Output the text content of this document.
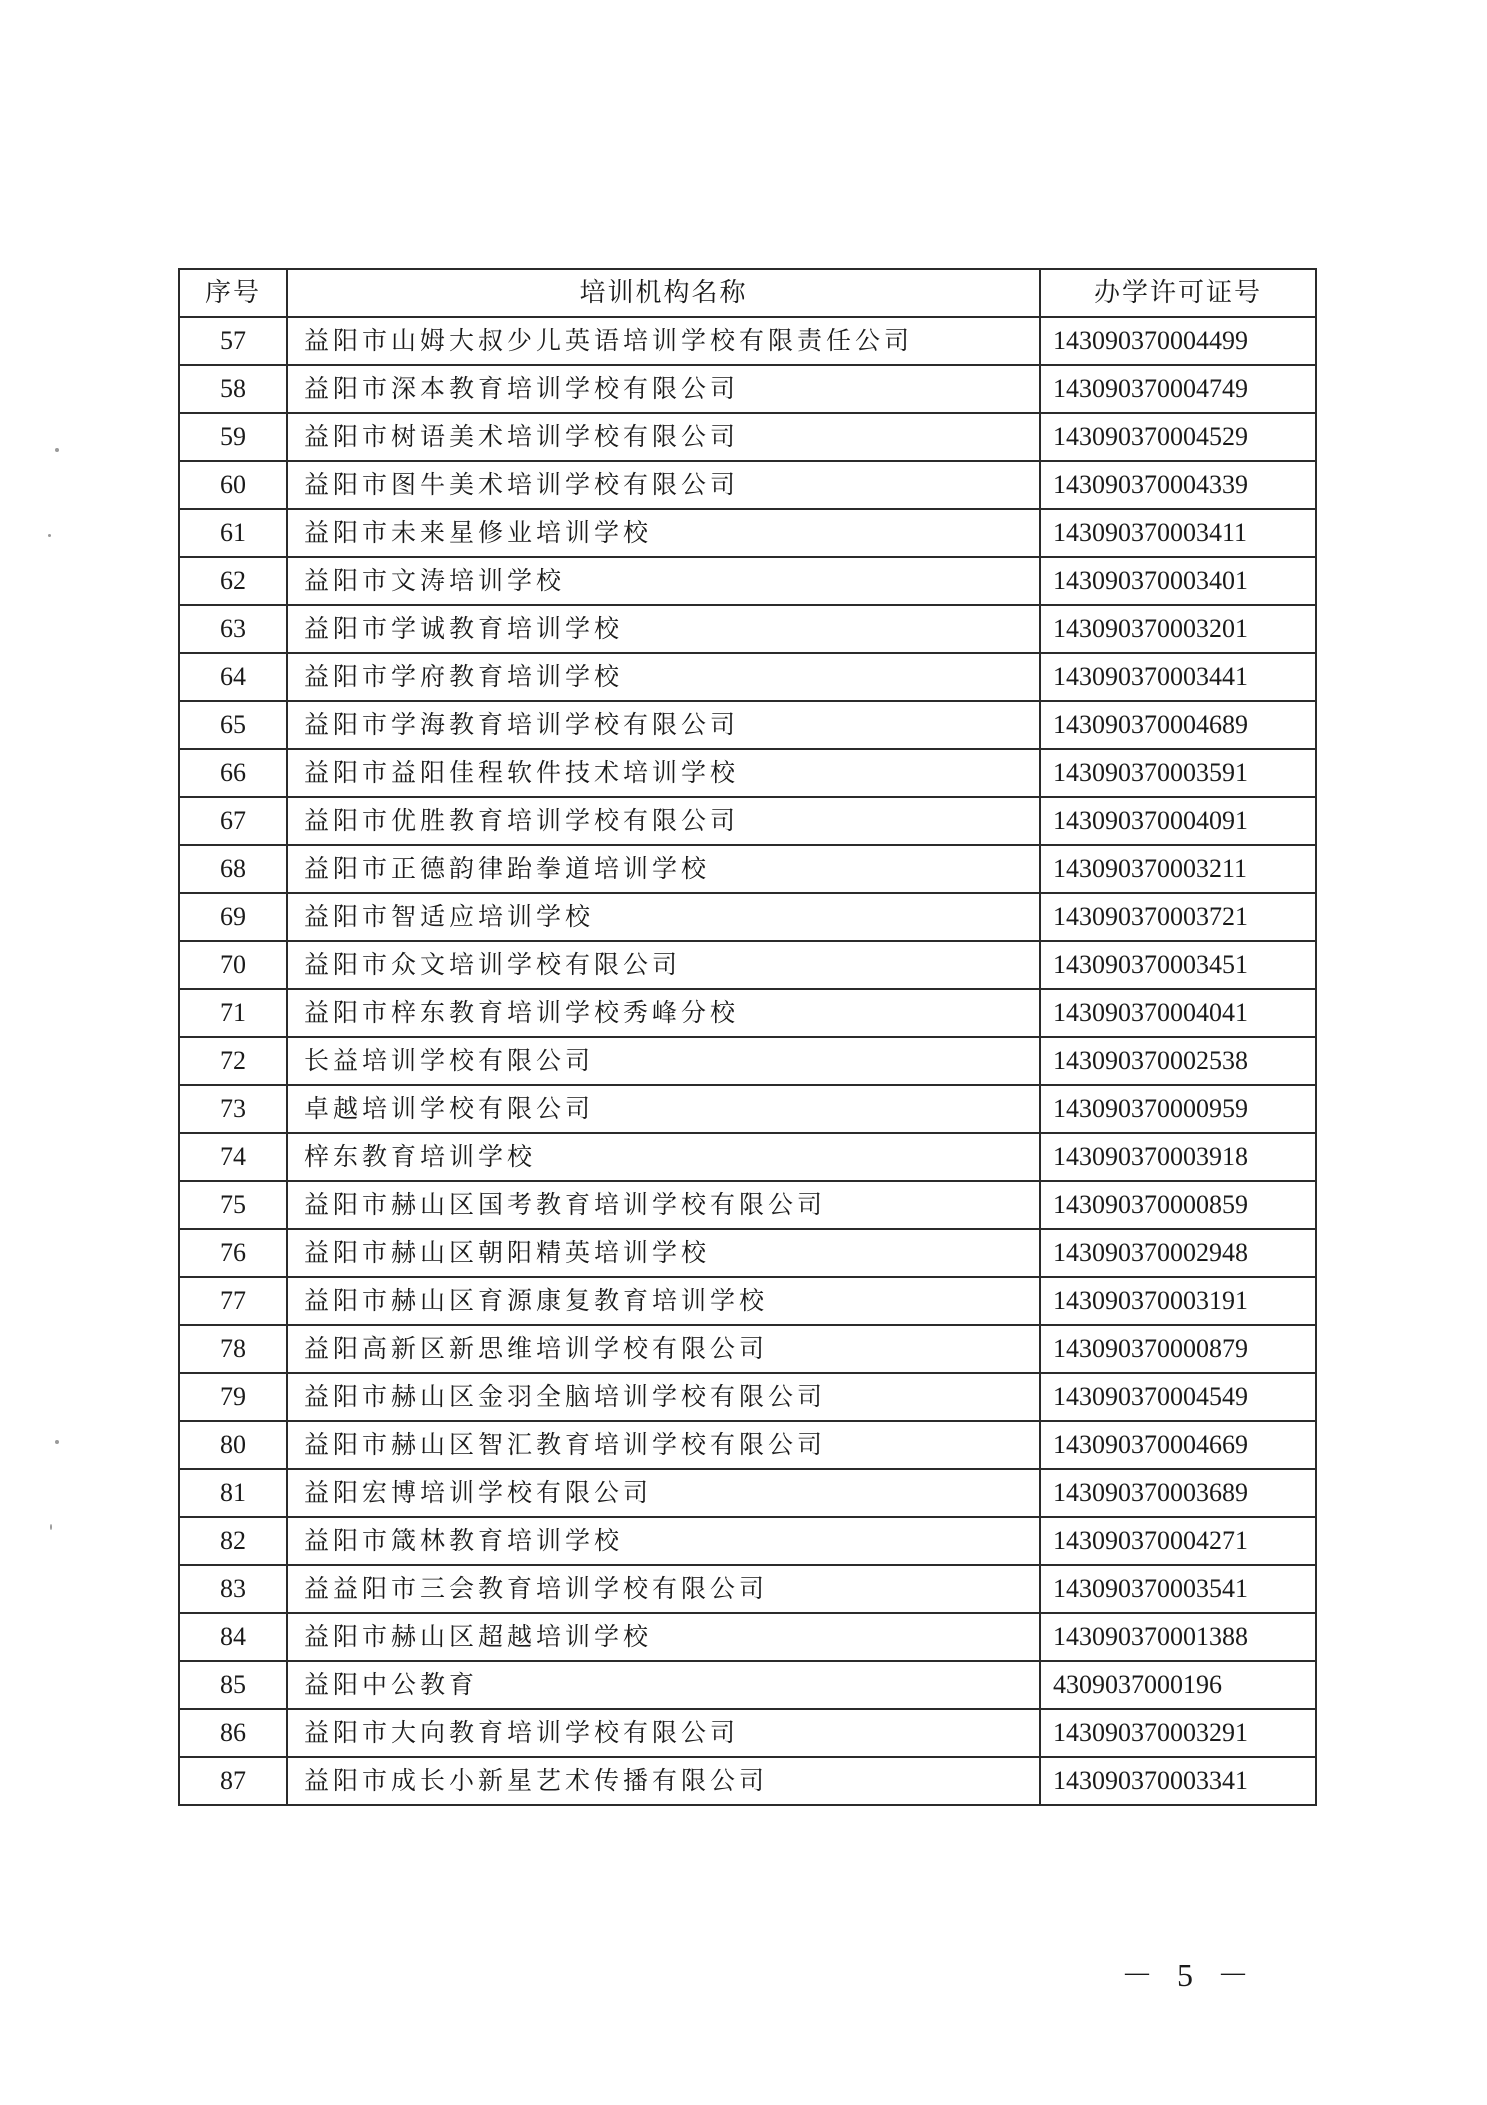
序号	培训机构名称	办学许可证号
57	益阳市山姆大叔少儿英语培训学校有限责任公司	143090370004499
58	益阳市深本教育培训学校有限公司	143090370004749
59	益阳市树语美术培训学校有限公司	143090370004529
60	益阳市图牛美术培训学校有限公司	143090370004339
61	益阳市未来星修业培训学校	143090370003411
62	益阳市文涛培训学校	143090370003401
63	益阳市学诚教育培训学校	143090370003201
64	益阳市学府教育培训学校	143090370003441
65	益阳市学海教育培训学校有限公司	143090370004689
66	益阳市益阳佳程软件技术培训学校	143090370003591
67	益阳市优胜教育培训学校有限公司	143090370004091
68	益阳市正德韵律跆拳道培训学校	143090370003211
69	益阳市智适应培训学校	143090370003721
70	益阳市众文培训学校有限公司	143090370003451
71	益阳市梓东教育培训学校秀峰分校	143090370004041
72	长益培训学校有限公司	143090370002538
73	卓越培训学校有限公司	143090370000959
74	梓东教育培训学校	143090370003918
75	益阳市赫山区国考教育培训学校有限公司	143090370000859
76	益阳市赫山区朝阳精英培训学校	143090370002948
77	益阳市赫山区育源康复教育培训学校	143090370003191
78	益阳高新区新思维培训学校有限公司	143090370000879
79	益阳市赫山区金羽全脑培训学校有限公司	143090370004549
80	益阳市赫山区智汇教育培训学校有限公司	143090370004669
81	益阳宏博培训学校有限公司	143090370003689
82	益阳市箴林教育培训学校	143090370004271
83	益益阳市三会教育培训学校有限公司	143090370003541
84	益阳市赫山区超越培训学校	143090370001388
85	益阳中公教育	4309037000196
86	益阳市大向教育培训学校有限公司	143090370003291
87	益阳市成长小新星艺术传播有限公司	143090370003341
－ 5 －
